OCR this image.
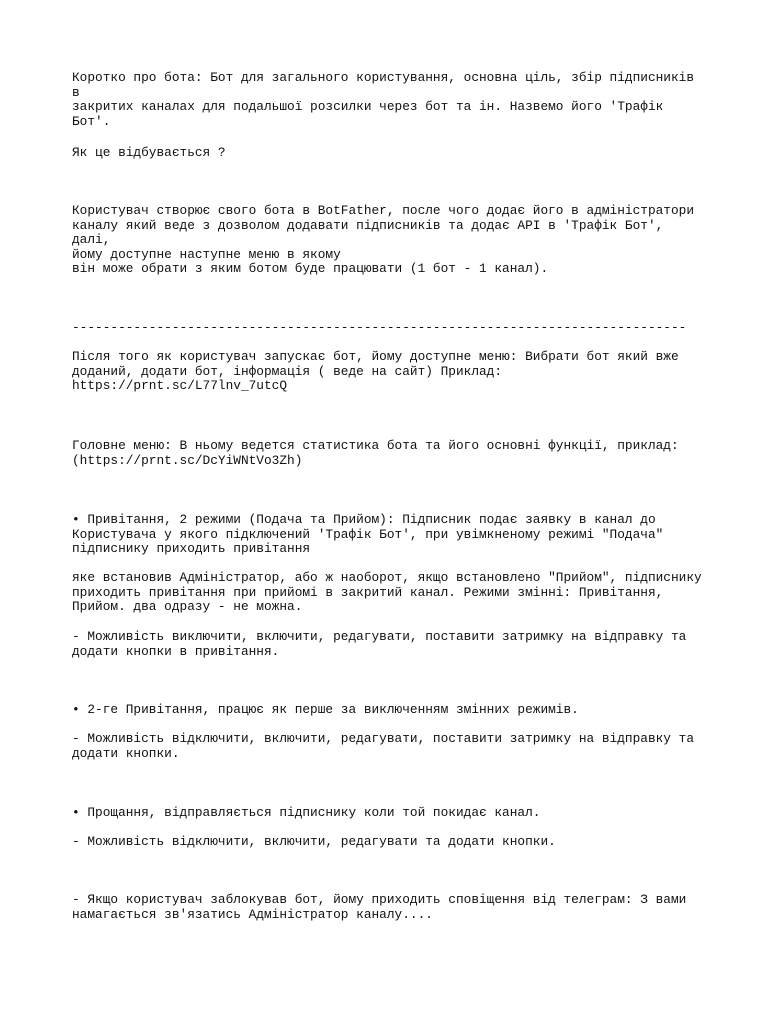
Коротко про бота: Бот для загального користування, основна ціль, збір підписників в
закритих каналах для подальшої розсилки через бот та ін. Назвемо його 'Трафік Бот'.

Як це відбувається ?

Користувач створює свого бота в BotFather, после чого додає його в адміністратори
каналу який веде з дозволом додавати підписників та додає API в 'Трафік Бот', далі,
йому доступне наступне меню в якому

він може обрати з яким ботом буде працювати (1 бот - 1 канал).

--------------------------------------------------------------------------------

Після того як користувач запускає бот, йому доступне меню: Вибрати бот який вже
доданий, додати бот, інформація ( веде на сайт) Приклад:
https://prnt.sc/L77lnv_7utcQ

Головне меню: В ньому ведется статистика бота та його основні функції, приклад:
(https://prnt.sc/DcYiWNtVo3Zh)

• Привітання, 2 режими (Подача та Прийом): Підписник подає заявку в канал до
Користувача у якого підключений 'Трафік Бот', при увімкненому режимі "Подача"
підписнику приходить привітання

яке встановив Адміністратор, або ж наоборот, якщо встановлено "Прийом", підписнику
приходить привітання при прийомі в закритий канал. Режими змінні: Привітання,
Прийом. два одразу - не можна.

- Можливість виключити, включити, редагувати, поставити затримку на відправку та
додати кнопки в привітання.

• 2-ге Привітання, працює як перше за виключенням змінних режимів.

- Можливість відключити, включити, редагувати, поставити затримку на відправку та
додати кнопки.

• Прощання, відправляється підписнику коли той покидає канал.

- Можливість відключити, включити, редагувати та додати кнопки.

- Якщо користувач заблокував бот, йому приходить сповіщення від телеграм: З вами
намагається зв'язатись Адміністратор каналу....
